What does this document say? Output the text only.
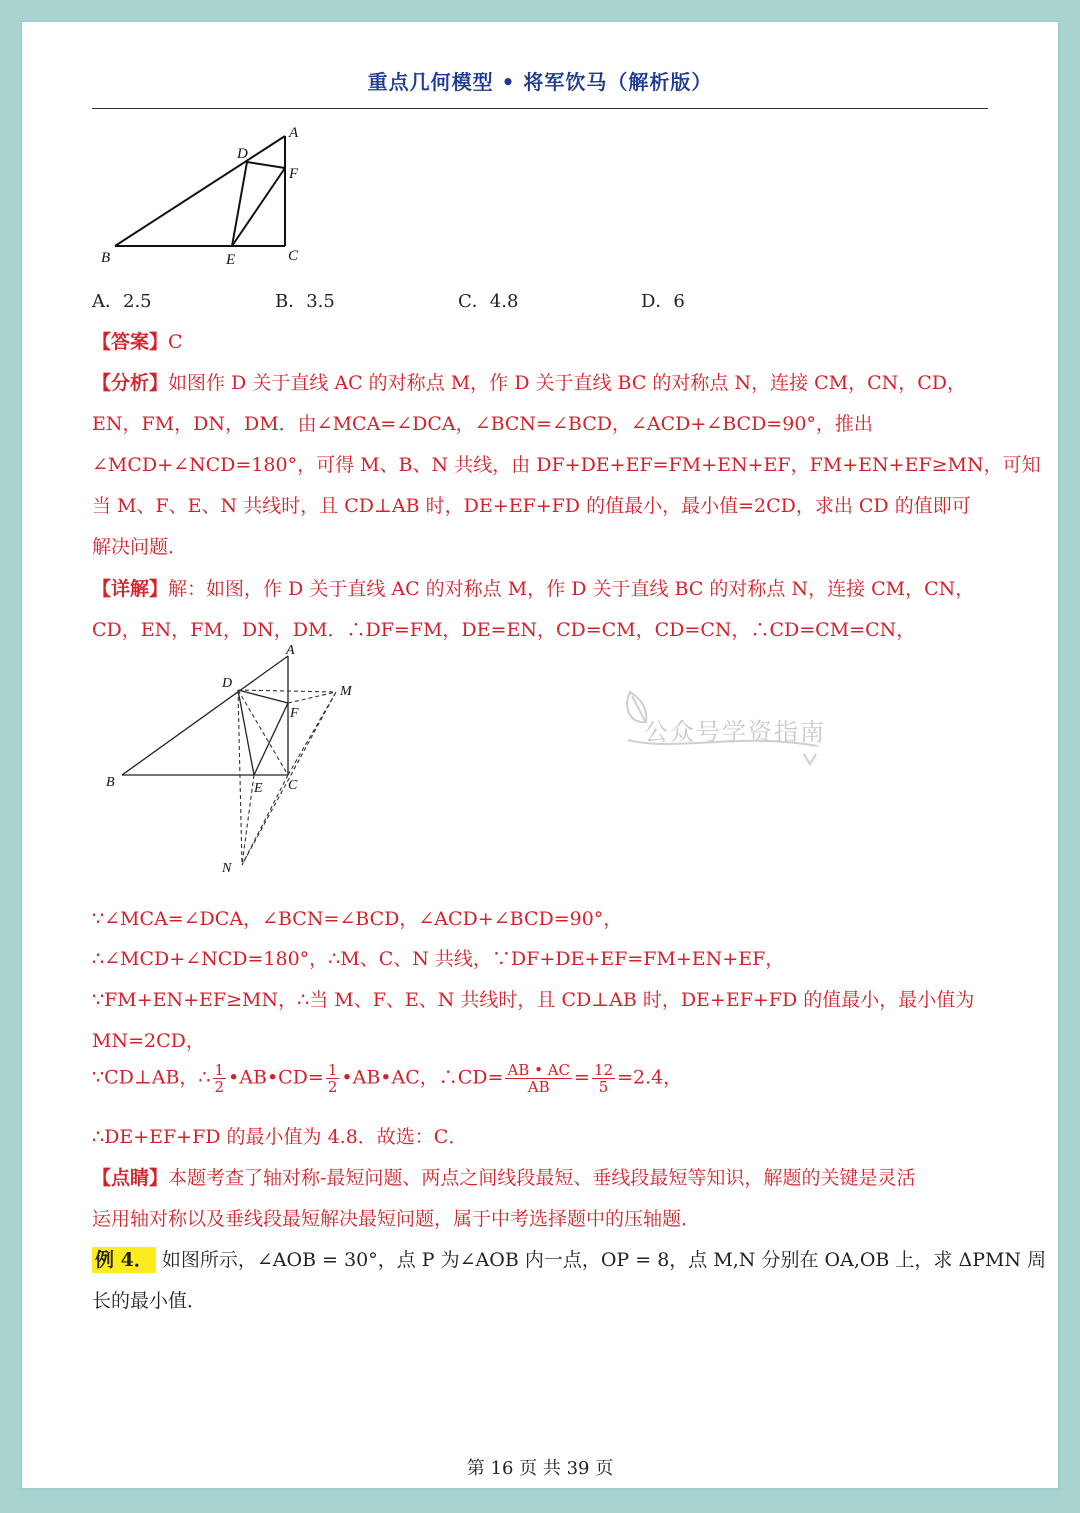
重点几何模型 • 将军饮马（解析版）
A
B	C
D
E
F
A．2.5	B．3.5	C．4.8	D．6
【答案】C
【分析】如图作 D 关于直线 AC 的对称点 M，作 D 关于直线 BC 的对称点 N，连接 CM，CN，CD，
EN，FM，DN，DM．由∠MCA=∠DCA，∠BCN=∠BCD，∠ACD+∠BCD=90°，推出
∠MCD+∠NCD=180°，可得 M、B、N 共线，由 DF+DE+EF=FM+EN+EF，FM+EN+EF≥MN，可知
当 M、F、E、N 共线时，且 CD⊥AB 时，DE+EF+FD 的值最小，最小值=2CD，求出 CD 的值即可
解决问题．
【详解】解：如图，作 D 关于直线 AC 的对称点 M，作 D 关于直线 BC 的对称点 N，连接 CM，CN，
CD，EN，FM，DN，DM．∴DF=FM，DE=EN，CD=CM，CD=CN，∴CD=CM=CN，
A
B	C
D
E
F
M
N
公众号学资指南
∵∠MCA=∠DCA，∠BCN=∠BCD，∠ACD+∠BCD=90°，
∴∠MCD+∠NCD=180°，∴M、C、N 共线，∵DF+DE+EF=FM+EN+EF，
∵FM+EN+EF≥MN，∴当 M、F、E、N 共线时，且 CD⊥AB 时，DE+EF+FD 的值最小，最小值为
MN=2CD，
∵CD⊥AB，∴ $\frac{1}{2}$ •AB•CD= $\frac{1}{2}$ •AB•AC，∴CD= $\frac{AB • AC}{AB} = \frac{12}{5} =2.4$，
∴DE+EF+FD 的最小值为 4.8．故选：C．
【点睛】本题考查了轴对称-最短问题、两点之间线段最短、垂线段最短等知识，解题的关键是灵活
运用轴对称以及垂线段最短解决最短问题，属于中考选择题中的压轴题．
例 4． 如图所示，∠AOB = 30°，点 P 为∠AOB 内一点，OP = 8，点 M,N 分别在 OA,OB 上，求 ΔPMN 周
长的最小值．
第 16 页 共 39 页
